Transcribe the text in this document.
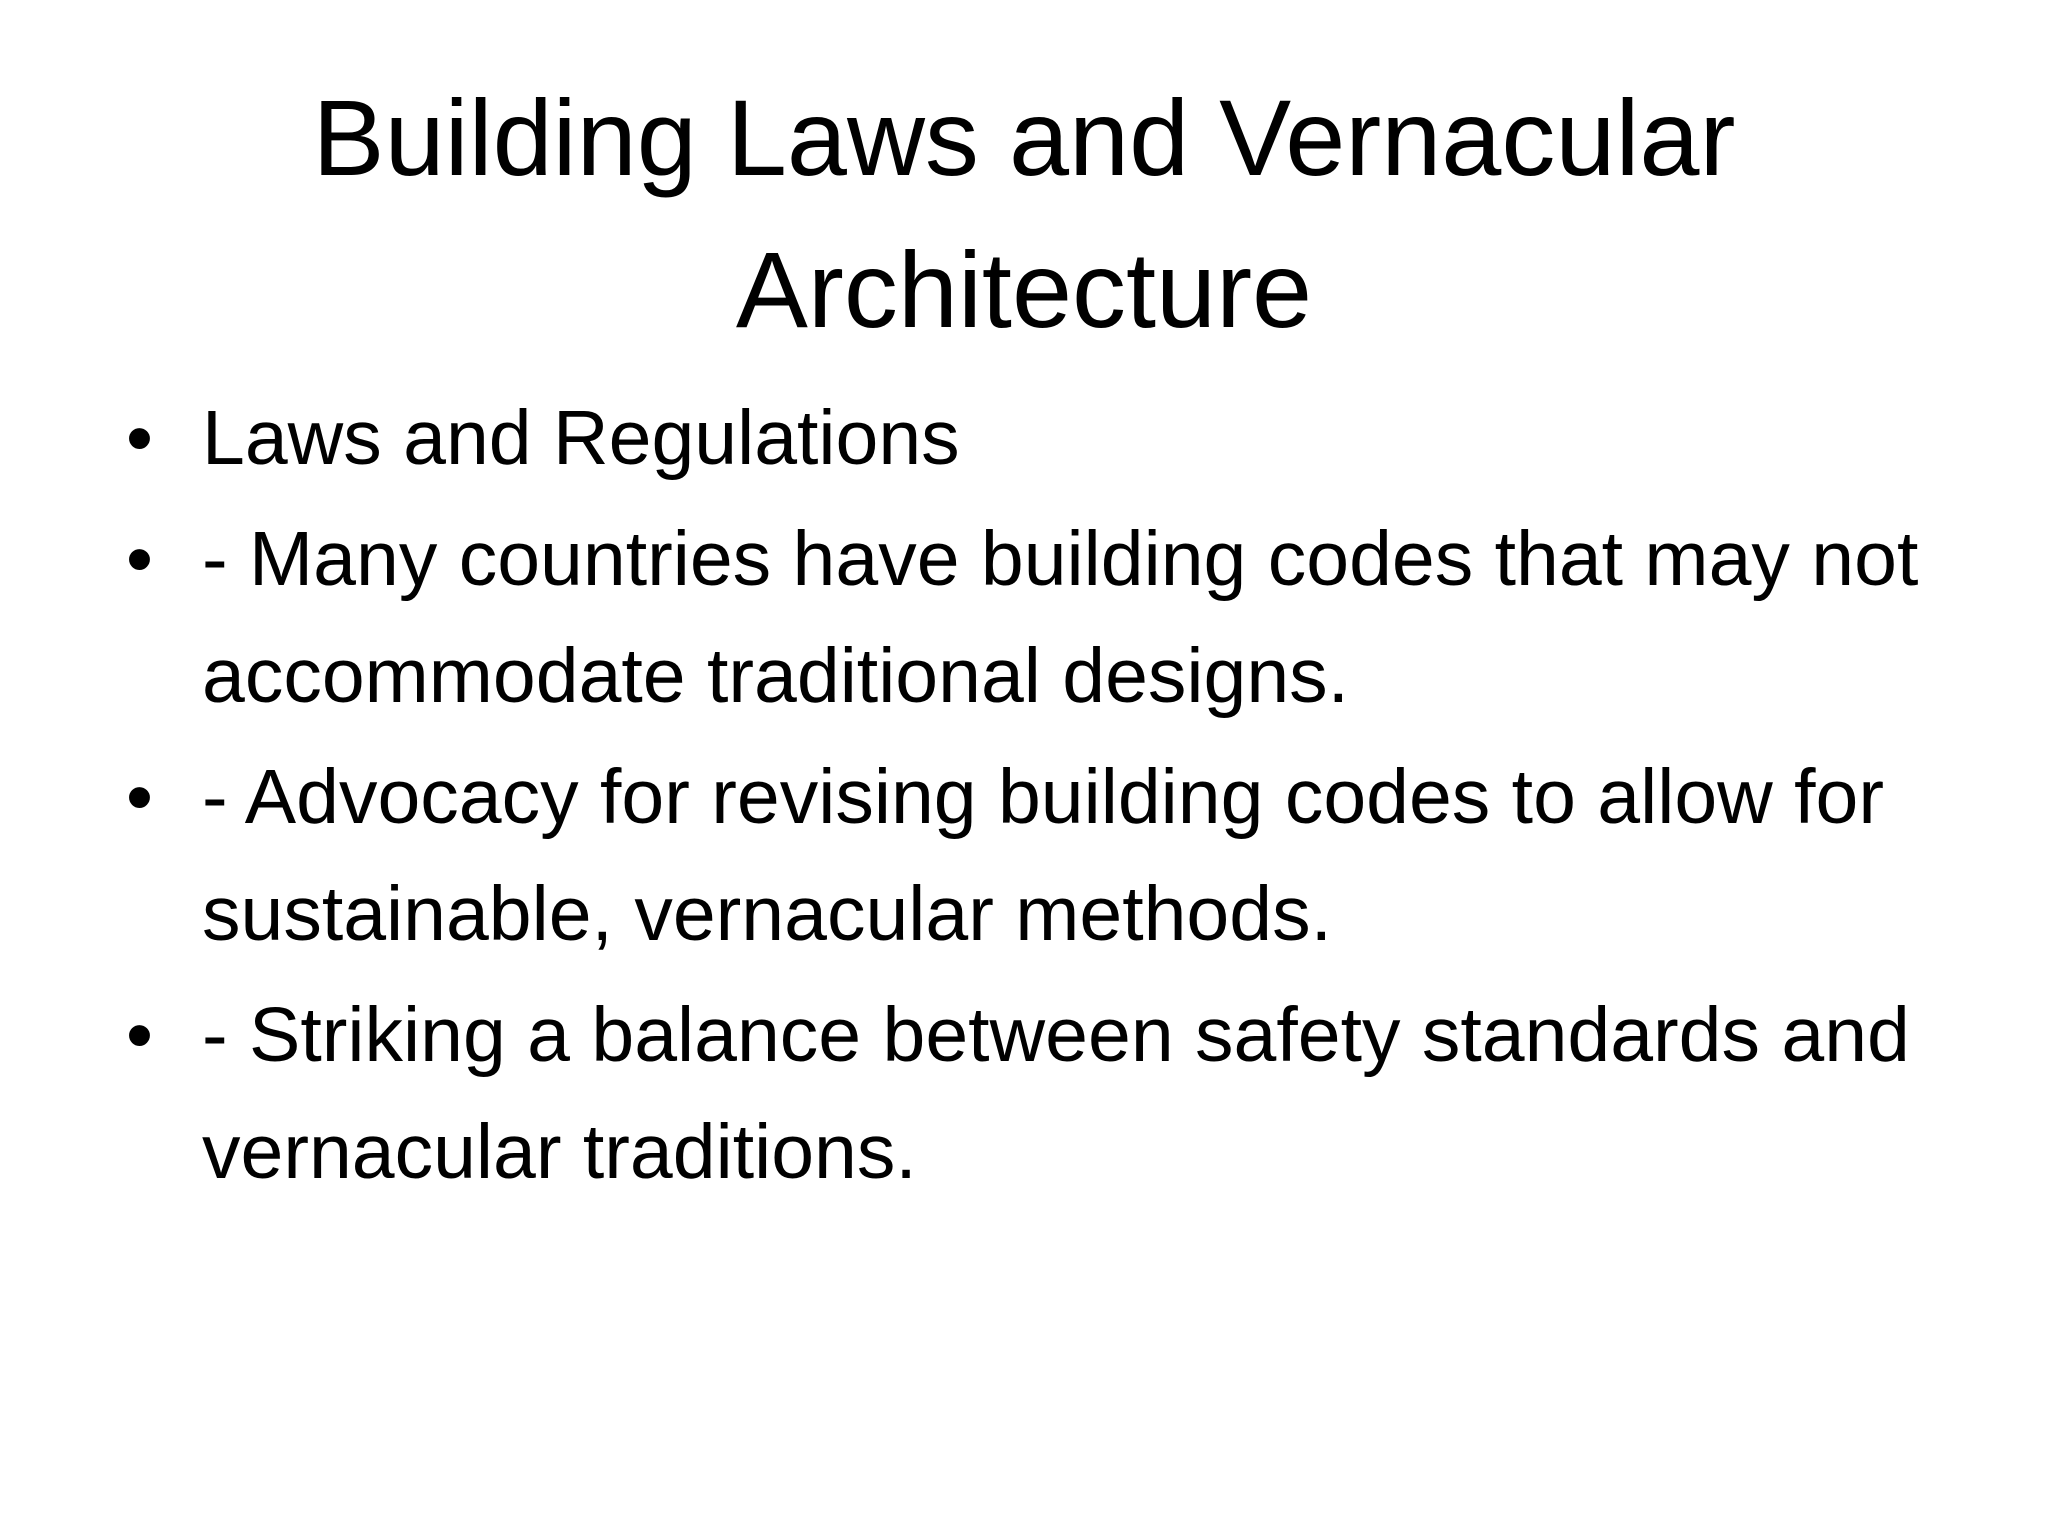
Building Laws and Vernacular Architecture
• Laws and Regulations
• - Many countries have building codes that may not accommodate traditional designs.
• - Advocacy for revising building codes to allow for sustainable, vernacular methods.
• - Striking a balance between safety standards and vernacular traditions.
